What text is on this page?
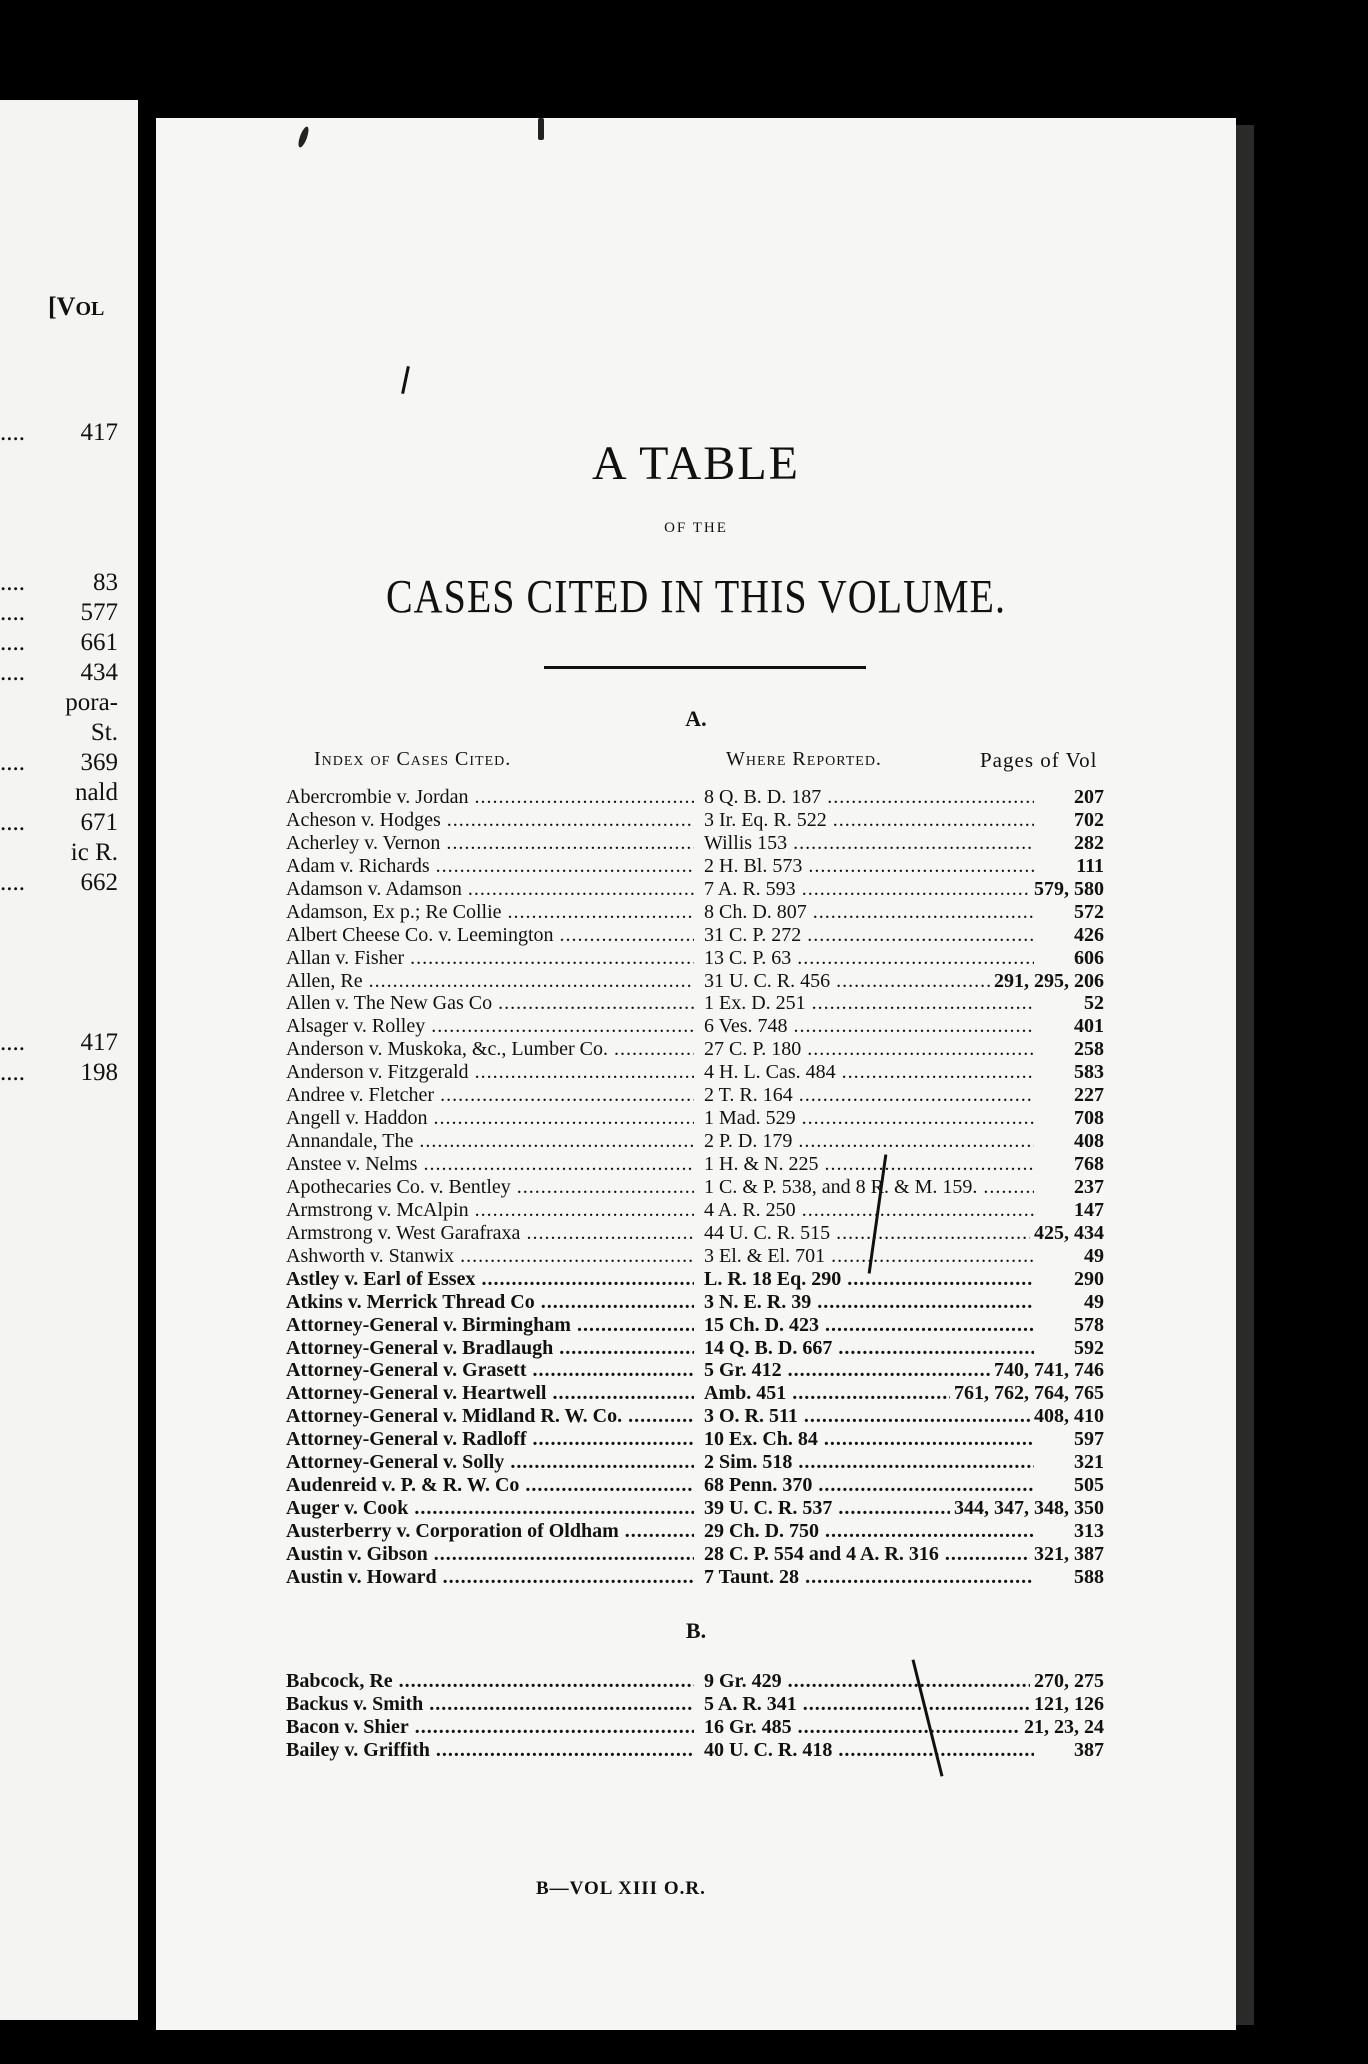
[VOL
.... 417
....	83
.... 577
.... 661
.... 434
pora-
St.
.... 369
nald
.... 671
ic R.
.... 662
.... 417
.... 198
A TABLE
OF THE
CASES CITED IN THIS VOLUME.
A.
Index of Cases Cited.	Where Reported.	Pages of Vol
Abercrombie v. Jordan .....	8 Q. B. D. 187 .....	207
Acheson v. Hodges .....	3 Ir. Eq. R. 522 .....	702
Acherley v. Vernon .....	Willis 153 .....	282
Adam v. Richards .....	2 H. Bl. 573 .....	111
Adamson v. Adamson .....	7 A. R. 593 .....	579, 580
Adamson, Ex p.; Re Collie .....	8 Ch. D. 807 .....	572
Albert Cheese Co. v. Leemington .....	31 C. P. 272 .....	426
Allan v. Fisher .....	13 C. P. 63 .....	606
Allen, Re .....	31 U. C. R. 456 .....	291, 295, 206
Allen v. The New Gas Co .....	1 Ex. D. 251 .....	52
Alsager v. Rolley .....	6 Ves. 748 .....	401
Anderson v. Muskoka, &c., Lumber Co. .....	27 C. P. 180 .....	258
Anderson v. Fitzgerald .....	4 H. L. Cas. 484 .....	583
Andree v. Fletcher .....	2 T. R. 164 .....	227
Angell v. Haddon .....	1 Mad. 529 .....	708
Annandale, The .....	2 P. D. 179 .....	408
Anstee v. Nelms .....	1 H. & N. 225 .....	768
Apothecaries Co. v. Bentley .....	1 C. & P. 538, and 8 R. & M. 159. .....	237
Armstrong v. McAlpin .....	4 A. R. 250 .....	147
Armstrong v. West Garafraxa .....	44 U. C. R. 515 .....	425, 434
Ashworth v. Stanwix .....	3 El. & El. 701 .....	49
Astley v. Earl of Essex .....	L. R. 18 Eq. 290 .....	290
Atkins v. Merrick Thread Co .....	3 N. E. R. 39 .....	49
Attorney-General v. Birmingham .....	15 Ch. D. 423 .....	578
Attorney-General v. Bradlaugh .....	14 Q. B. D. 667 .....	592
Attorney-General v. Grasett .....	5 Gr. 412 .....	740, 741, 746
Attorney-General v. Heartwell .....	Amb. 451 .....	761, 762, 764, 765
Attorney-General v. Midland R. W. Co. .....	3 O. R. 511 .....	408, 410
Attorney-General v. Radloff .....	10 Ex. Ch. 84 .....	597
Attorney-General v. Solly .....	2 Sim. 518 .....	321
Audenreid v. P. & R. W. Co .....	68 Penn. 370 .....	505
Auger v. Cook .....	39 U. C. R. 537 .....	344, 347, 348, 350
Austerberry v. Corporation of Oldham .....	29 Ch. D. 750 .....	313
Austin v. Gibson .....	28 C. P. 554 and 4 A. R. 316 .....	321, 387
Austin v. Howard .....	7 Taunt. 28 .....	588
B.
Babcock, Re .....	9 Gr. 429 .....	270, 275
Backus v. Smith .....	5 A. R. 341 .....	121, 126
Bacon v. Shier .....	16 Gr. 485 .....	21, 23, 24
Bailey v. Griffith .....	40 U. C. R. 418 .....	387
B—VOL XIII O.R.
